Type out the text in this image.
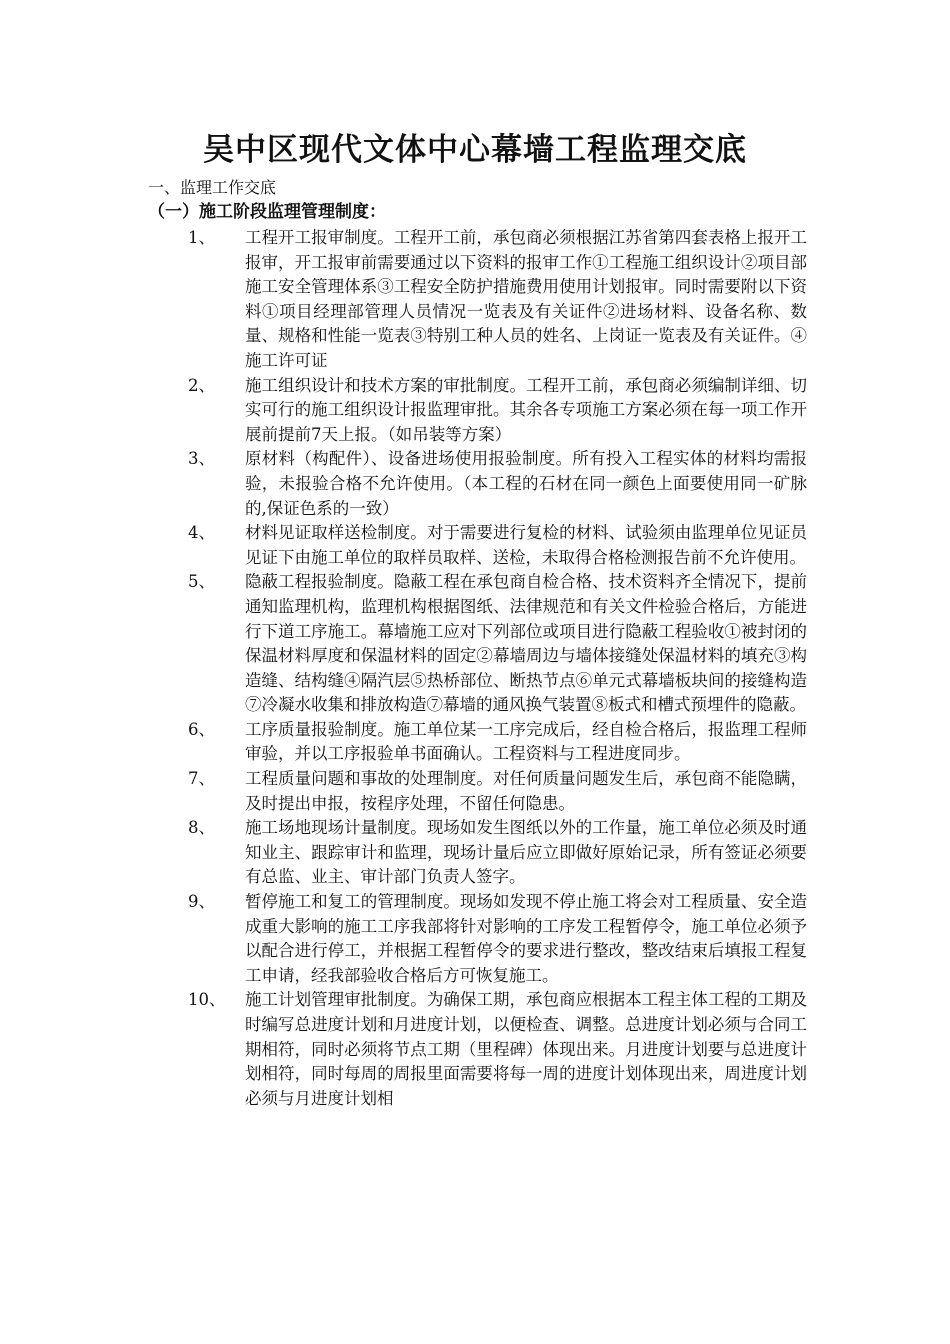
吴中区现代文体中心幕墙工程监理交底
一、监理工作交底
（一）施工阶段监理管理制度：
1、 工程开工报审制度。工程开工前，承包商必须根据江苏省第四套表格上报开工报审，开工报审前需要通过以下资料的报审工作①工程施工组织设计②项目部施工安全管理体系③工程安全防护措施费用使用计划报审。同时需要附以下资料①项目经理部管理人员情况一览表及有关证件②进场材料、设备名称、数量、规格和性能一览表③特别工种人员的姓名、上岗证一览表及有关证件。④施工许可证
2、 施工组织设计和技术方案的审批制度。工程开工前，承包商必须编制详细、切实可行的施工组织设计报监理审批。其余各专项施工方案必须在每一项工作开展前提前7天上报。（如吊装等方案）
3、 原材料（构配件）、设备进场使用报验制度。所有投入工程实体的材料均需报验，未报验合格不允许使用。（本工程的石材在同一颜色上面要使用同一矿脉的,保证色系的一致）
4、 材料见证取样送检制度。对于需要进行复检的材料、试验须由监理单位见证员见证下由施工单位的取样员取样、送检，未取得合格检测报告前不允许使用。
5、 隐蔽工程报验制度。隐蔽工程在承包商自检合格、技术资料齐全情况下，提前通知监理机构，监理机构根据图纸、法律规范和有关文件检验合格后，方能进行下道工序施工。幕墙施工应对下列部位或项目进行隐蔽工程验收①被封闭的保温材料厚度和保温材料的固定②幕墙周边与墙体接缝处保温材料的填充③构造缝、结构缝④隔汽层⑤热桥部位、断热节点⑥单元式幕墙板块间的接缝构造⑦冷凝水收集和排放构造⑦幕墙的通风换气装置⑧板式和槽式预埋件的隐蔽。
6、 工序质量报验制度。施工单位某一工序完成后，经自检合格后，报监理工程师审验，并以工序报验单书面确认。工程资料与工程进度同步。
7、 工程质量问题和事故的处理制度。对任何质量问题发生后，承包商不能隐瞒，及时提出申报，按程序处理，不留任何隐患。
8、 施工场地现场计量制度。现场如发生图纸以外的工作量，施工单位必须及时通知业主、跟踪审计和监理，现场计量后应立即做好原始记录，所有签证必须要有总监、业主、审计部门负责人签字。
9、 暂停施工和复工的管理制度。现场如发现不停止施工将会对工程质量、安全造成重大影响的施工工序我部将针对影响的工序发工程暂停令，施工单位必须予以配合进行停工，并根据工程暂停令的要求进行整改，整改结束后填报工程复工申请，经我部验收合格后方可恢复施工。
10、 施工计划管理审批制度。为确保工期，承包商应根据本工程主体工程的工期及时编写总进度计划和月进度计划，以便检查、调整。总进度计划必须与合同工期相符，同时必须将节点工期（里程碑）体现出来。月进度计划要与总进度计划相符，同时每周的周报里面需要将每一周的进度计划体现出来，周进度计划必须与月进度计划相
